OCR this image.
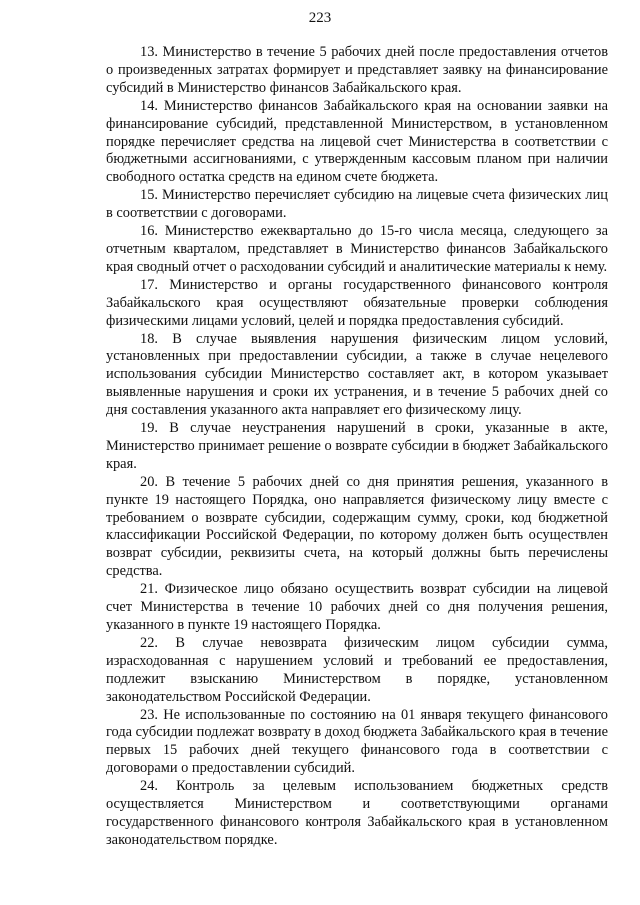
223

13. Министерство в течение 5 рабочих дней после предоставления отчетов о произведенных затратах формирует и представляет заявку на финансирование субсидий в Министерство финансов Забайкальского края.

14. Министерство финансов Забайкальского края на основании заявки на финансирование субсидий, представленной Министерством, в установленном порядке перечисляет средства на лицевой счет Министерства в соответствии с бюджетными ассигнованиями, с утвержденным кассовым планом при наличии свободного остатка средств на едином счете бюджета.

15. Министерство перечисляет субсидию на лицевые счета физических лиц в соответствии с договорами.

16. Министерство ежеквартально до 15-го числа месяца, следующего за отчетным кварталом, представляет в Министерство финансов Забайкальского края сводный отчет о расходовании субсидий и аналитические материалы к нему.

17. Министерство и органы государственного финансового контроля Забайкальского края осуществляют обязательные проверки соблюдения физическими лицами условий, целей и порядка предоставления субсидий.

18. В случае выявления нарушения физическим лицом условий, установленных при предоставлении субсидии, а также в случае нецелевого использования субсидии Министерство составляет акт, в котором указывает выявленные нарушения и сроки их устранения, и в течение 5 рабочих дней со дня составления указанного акта направляет его физическому лицу.

19. В случае неустранения нарушений в сроки, указанные в акте, Министерство принимает решение о возврате субсидии в бюджет Забайкальского края.

20. В течение 5 рабочих дней со дня принятия решения, указанного в пункте 19 настоящего Порядка, оно направляется физическому лицу вместе с требованием о возврате субсидии, содержащим сумму, сроки, код бюджетной классификации Российской Федерации, по которому должен быть осуществлен возврат субсидии, реквизиты счета, на который должны быть перечислены средства.

21. Физическое лицо обязано осуществить возврат субсидии на лицевой счет Министерства в течение 10 рабочих дней со дня получения решения, указанного в пункте 19 настоящего Порядка.

22. В случае невозврата физическим лицом субсидии сумма, израсходованная с нарушением условий и требований ее предоставления, подлежит взысканию Министерством в порядке, установленном законодательством Российской Федерации.

23. Не использованные по состоянию на 01 января текущего финансового года субсидии подлежат возврату в доход бюджета Забайкальского края в течение первых 15 рабочих дней текущего финансового года в соответствии с договорами о предоставлении субсидий.

24. Контроль за целевым использованием бюджетных средств осуществляется Министерством и соответствующими органами государственного финансового контроля Забайкальского края в установленном законодательством порядке.
